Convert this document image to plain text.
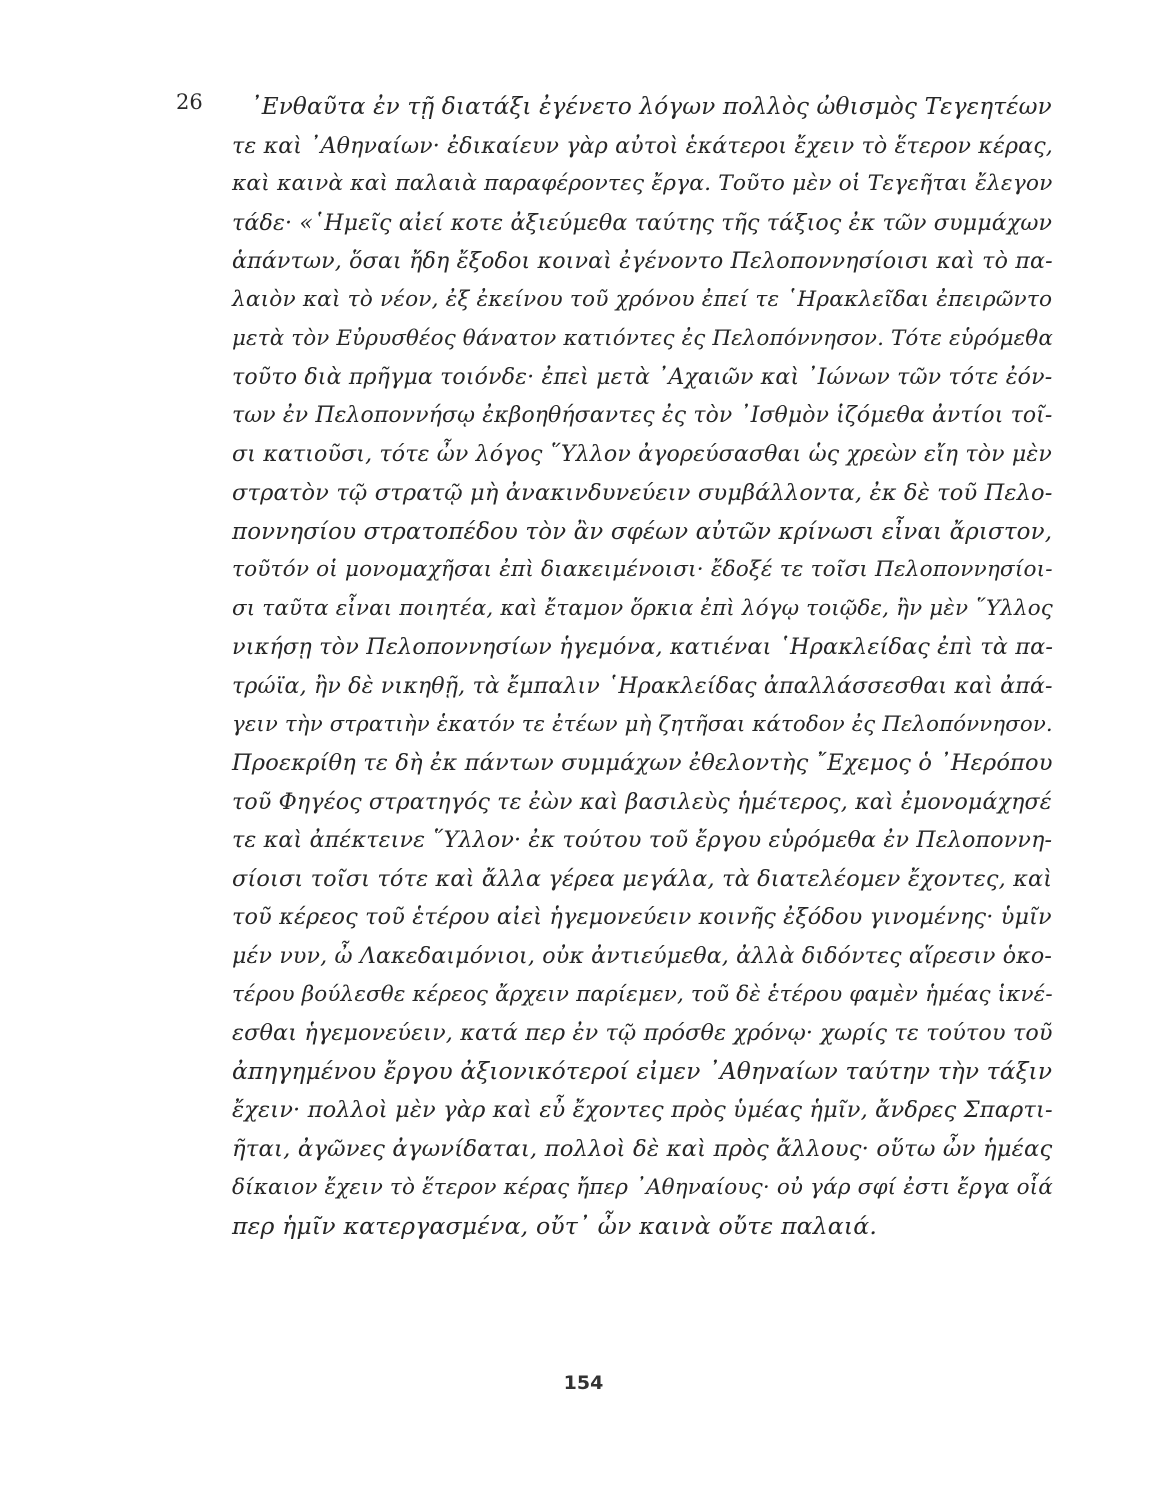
26	᾿Ενθαῦτα ἐν τῇ διατάξι ἐγένετο λόγων πολλὸς ὠθισμὸς Τεγεητέων
τε καὶ ᾿Αθηναίων· ἐδικαίευν γὰρ αὐτοὶ ἑκάτεροι ἔχειν τὸ ἕτερον κέρας,
καὶ καινὰ καὶ παλαιὰ παραφέροντες ἔργα. Τοῦτο μὲν οἱ Τεγεῆται ἔλεγον
τάδε· «῾Ημεῖς αἰεί κοτε ἀξιεύμεθα ταύτης τῆς τάξιος ἐκ τῶν συμμάχων
ἁπάντων, ὅσαι ἤδη ἔξοδοι κοιναὶ ἐγένοντο Πελοποννησίοισι καὶ τὸ πα-
λαιὸν καὶ τὸ νέον, ἐξ ἐκείνου τοῦ χρόνου ἐπεί τε ῾Ηρακλεῖδαι ἐπειρῶντο
μετὰ τὸν Εὐρυσθέος θάνατον κατιόντες ἐς Πελοπόννησον. Τότε εὑρόμεθα
τοῦτο διὰ πρῆγμα τοιόνδε· ἐπεὶ μετὰ ᾿Αχαιῶν καὶ ᾿Ιώνων τῶν τότε ἐόν-
των ἐν Πελοποννήσῳ ἐκβοηθήσαντες ἐς τὸν ᾿Ισθμὸν ἱζόμεθα ἀντίοι τοῖ-
σι κατιοῦσι, τότε ὦν λόγος ῞Υλλον ἀγορεύσασθαι ὡς χρεὼν εἴη τὸν μὲν
στρατὸν τῷ στρατῷ μὴ ἀνακινδυνεύειν συμβάλλοντα, ἐκ δὲ τοῦ Πελο-
ποννησίου στρατοπέδου τὸν ἂν σφέων αὐτῶν κρίνωσι εἶναι ἄριστον,
τοῦτόν οἱ μονομαχῆσαι ἐπὶ διακειμένοισι· ἔδοξέ τε τοῖσι Πελοποννησίοι-
σι ταῦτα εἶναι ποιητέα, καὶ ἔταμον ὅρκια ἐπὶ λόγῳ τοιῷδε, ἢν μὲν ῞Υλλος
νικήσῃ τὸν Πελοποννησίων ἡγεμόνα, κατιέναι ῾Ηρακλείδας ἐπὶ τὰ πα-
τρώϊα, ἢν δὲ νικηθῇ, τὰ ἔμπαλιν ῾Ηρακλείδας ἀπαλλάσσεσθαι καὶ ἀπά-
γειν τὴν στρατιὴν ἑκατόν τε ἐτέων μὴ ζητῆσαι κάτοδον ἐς Πελοπόννησον.
Προεκρίθη τε δὴ ἐκ πάντων συμμάχων ἐθελοντὴς ῎Εχεμος ὁ ᾿Ηερόπου
τοῦ Φηγέος στρατηγός τε ἐὼν καὶ βασιλεὺς ἡμέτερος, καὶ ἐμονομάχησέ
τε καὶ ἀπέκτεινε ῞Υλλον· ἐκ τούτου τοῦ ἔργου εὑρόμεθα ἐν Πελοποννη-
σίοισι τοῖσι τότε καὶ ἄλλα γέρεα μεγάλα, τὰ διατελέομεν ἔχοντες, καὶ
τοῦ κέρεος τοῦ ἑτέρου αἰεὶ ἡγεμονεύειν κοινῆς ἐξόδου γινομένης· ὑμῖν
μέν νυν, ὦ Λακεδαιμόνιοι, οὐκ ἀντιεύμεθα, ἀλλὰ διδόντες αἵρεσιν ὁκο-
τέρου βούλεσθε κέρεος ἄρχειν παρίεμεν, τοῦ δὲ ἑτέρου φαμὲν ἡμέας ἱκνέ-
εσθαι ἡγεμονεύειν, κατά περ ἐν τῷ πρόσθε χρόνῳ· χωρίς τε τούτου τοῦ
ἀπηγημένου ἔργου ἀξιονικότεροί εἰμεν ᾿Αθηναίων ταύτην τὴν τάξιν
ἔχειν· πολλοὶ μὲν γὰρ καὶ εὖ ἔχοντες πρὸς ὑμέας ἡμῖν, ἄνδρες Σπαρτι-
ῆται, ἀγῶνες ἀγωνίδαται, πολλοὶ δὲ καὶ πρὸς ἄλλους· οὕτω ὦν ἡμέας
δίκαιον ἔχειν τὸ ἕτερον κέρας ἤπερ ᾿Αθηναίους· οὐ γάρ σφί ἐστι ἔργα οἷά
περ ἡμῖν κατεργασμένα, οὔτ᾽ ὦν καινὰ οὔτε παλαιά.
154
